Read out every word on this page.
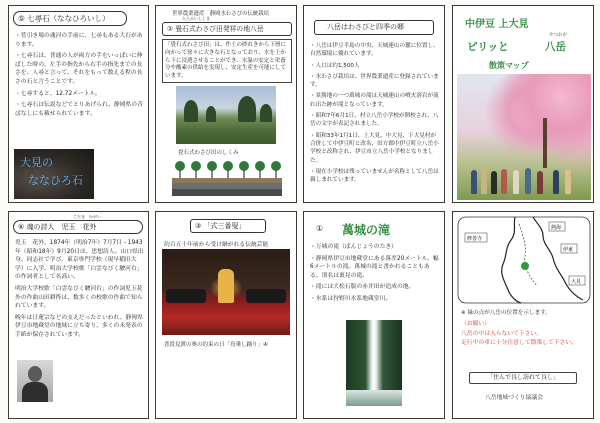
⑤ 七尋石（ななひろいし）

・菅引き場の魂河の手前に、七尋もある大石があります。

・七尋石は、普通の人が両方の手をいっぱいに伸ばした時の、左手の指先から右手の指先までの長さを、人尋と言って、それをもって数える程の長さの石と言うことです。

・七尋すると、12.72メートル。

・七尋石は伝説などでとりあげられ、静岡県の昔ばなしにも載せられています。

大見の
ななひろ石
世界農業遺産　静岡水わさびの伝統栽培
たたみいししき
② 畳石式わさび田発祥の地八岳

「畳石式わさび田」は、作土の砂れきから下層に向かって徐々に大きな石となっており、水を上から下に浸透させることができ、水温の安定と栄養分や酸素の供給を実現し、安定生産を可能にしています。

畳石式わさび田のしくみ
八岳はわさびと四季の郷

・八岳は伊豆半島の中央、天城連山の麓に位置し、自然環境に優れています。

・人口は約1,500人

・水わさび栽培は、世界農業遺産に登録されています。

・景勝地の一つ萬城の滝は天城連山の噴火溶岩が流れ出た跡が滝となっています。

・昭和7年6月1日、村立八岳小学校が開校され、八岳の文字が表記されました。

・昭和33年1月1日、上大見、中大見、下大見村が合併して中伊豆町と改名、田方郡中伊豆町立八岳小学校と改称され、伊豆市立八岳小学校となりました。

・現在小学校は残っていませんが名称として八岳は親しまれています。

中伊豆 上大見
やつおか
ピリッと	八岳
散策マップ
こだま　かがい
⑥ 魂の詩人　児玉　花外

児玉　花外、1874年（明治7年）7月7日 - 1943年（昭和18年）9月20日は、思想詩人。山口県出身、同志社で学び、東京専門学校（現早稲田大学）に入学、明治大学校歌「白雲なびく駿河台」の作詞者として名高い。

明治大学校歌「白雲なびく駿河台」の作詞児玉花外の作曲山田耕筰は、数多くの校歌の作曲で知られています。

晩年は日蓮宗などの支えだったといわれ、静岡県伊豆市地蔵堂の地域に立ち寄り、多くの未発表の手紙が保存されています。

③ 「式三番叟」
約百五十年前から受け継がれる伝統芸能
普段見渡の奥の約束の日「鳥乗し踊り」④
① 萬城の滝

・万城の滝（ばんじょうのたき）

・静岡県伊豆市地蔵堂にある落差20メートル、幅6メートルの滝。萬城の滝と書かれることもある。別名は裏見の滝。

・滝には大松石版の赤井田が造成の地。

・水系は狩野川水系地蔵堂川。

修善寺
熱海
伊東
大見
※ 緑の点が八岳の位置を示します。

（お願い）

八岳の中は入らないで下さい。

走行中の車に十分注意して散策して下さい。

「住んで良し訪れて良し」
八岳地域づくり協議会
